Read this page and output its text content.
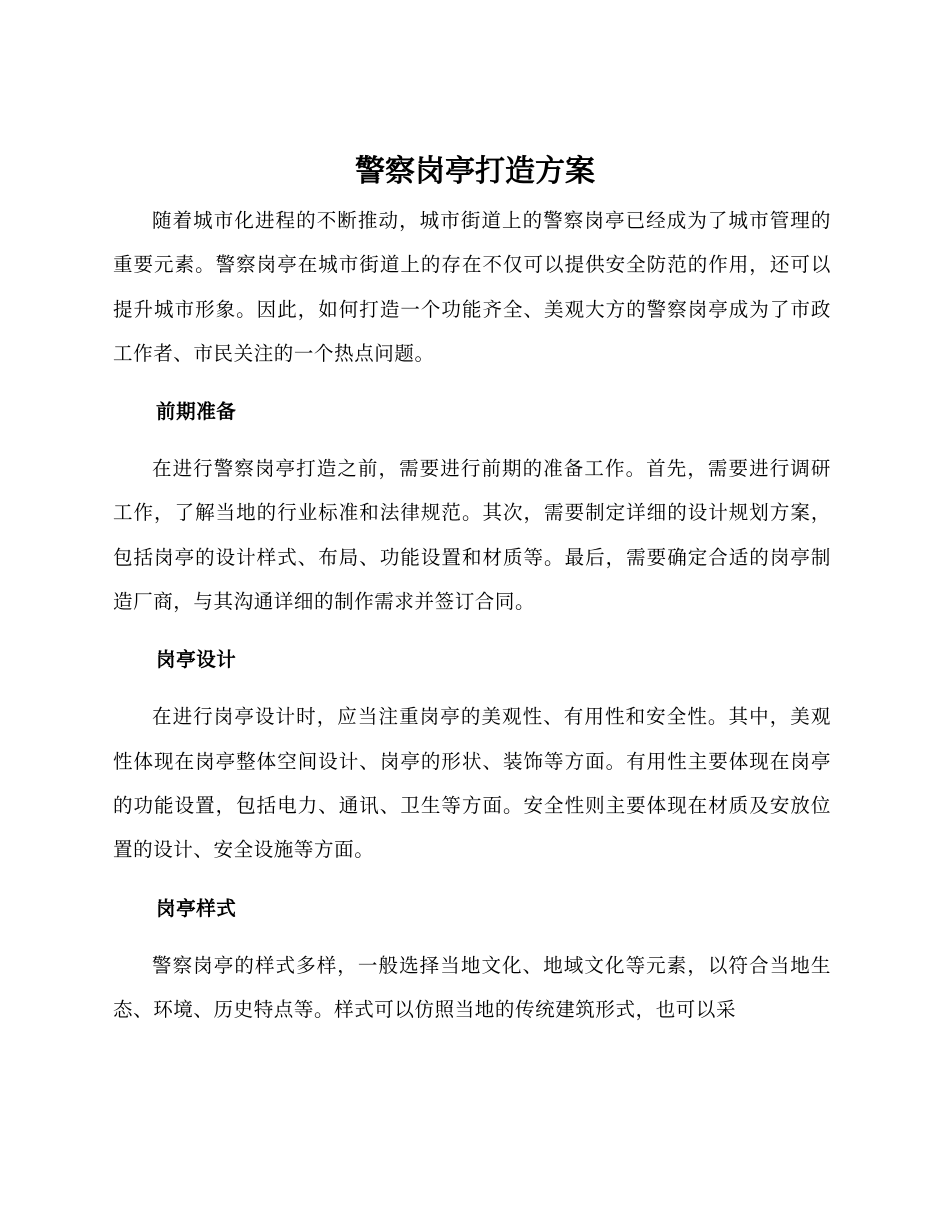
警察岗亭打造方案

随着城市化进程的不断推动，城市街道上的警察岗亭已经成为了城市管理的重要元素。警察岗亭在城市街道上的存在不仅可以提供安全防范的作用，还可以提升城市形象。因此，如何打造一个功能齐全、美观大方的警察岗亭成为了市政工作者、市民关注的一个热点问题。

前期准备

在进行警察岗亭打造之前，需要进行前期的准备工作。首先，需要进行调研工作，了解当地的行业标准和法律规范。其次，需要制定详细的设计规划方案，包括岗亭的设计样式、布局、功能设置和材质等。最后，需要确定合适的岗亭制造厂商，与其沟通详细的制作需求并签订合同。

岗亭设计

在进行岗亭设计时，应当注重岗亭的美观性、有用性和安全性。其中，美观性体现在岗亭整体空间设计、岗亭的形状、装饰等方面。有用性主要体现在岗亭的功能设置，包括电力、通讯、卫生等方面。安全性则主要体现在材质及安放位置的设计、安全设施等方面。

岗亭样式

警察岗亭的样式多样，一般选择当地文化、地域文化等元素，以符合当地生态、环境、历史特点等。样式可以仿照当地的传统建筑形式，也可以采
